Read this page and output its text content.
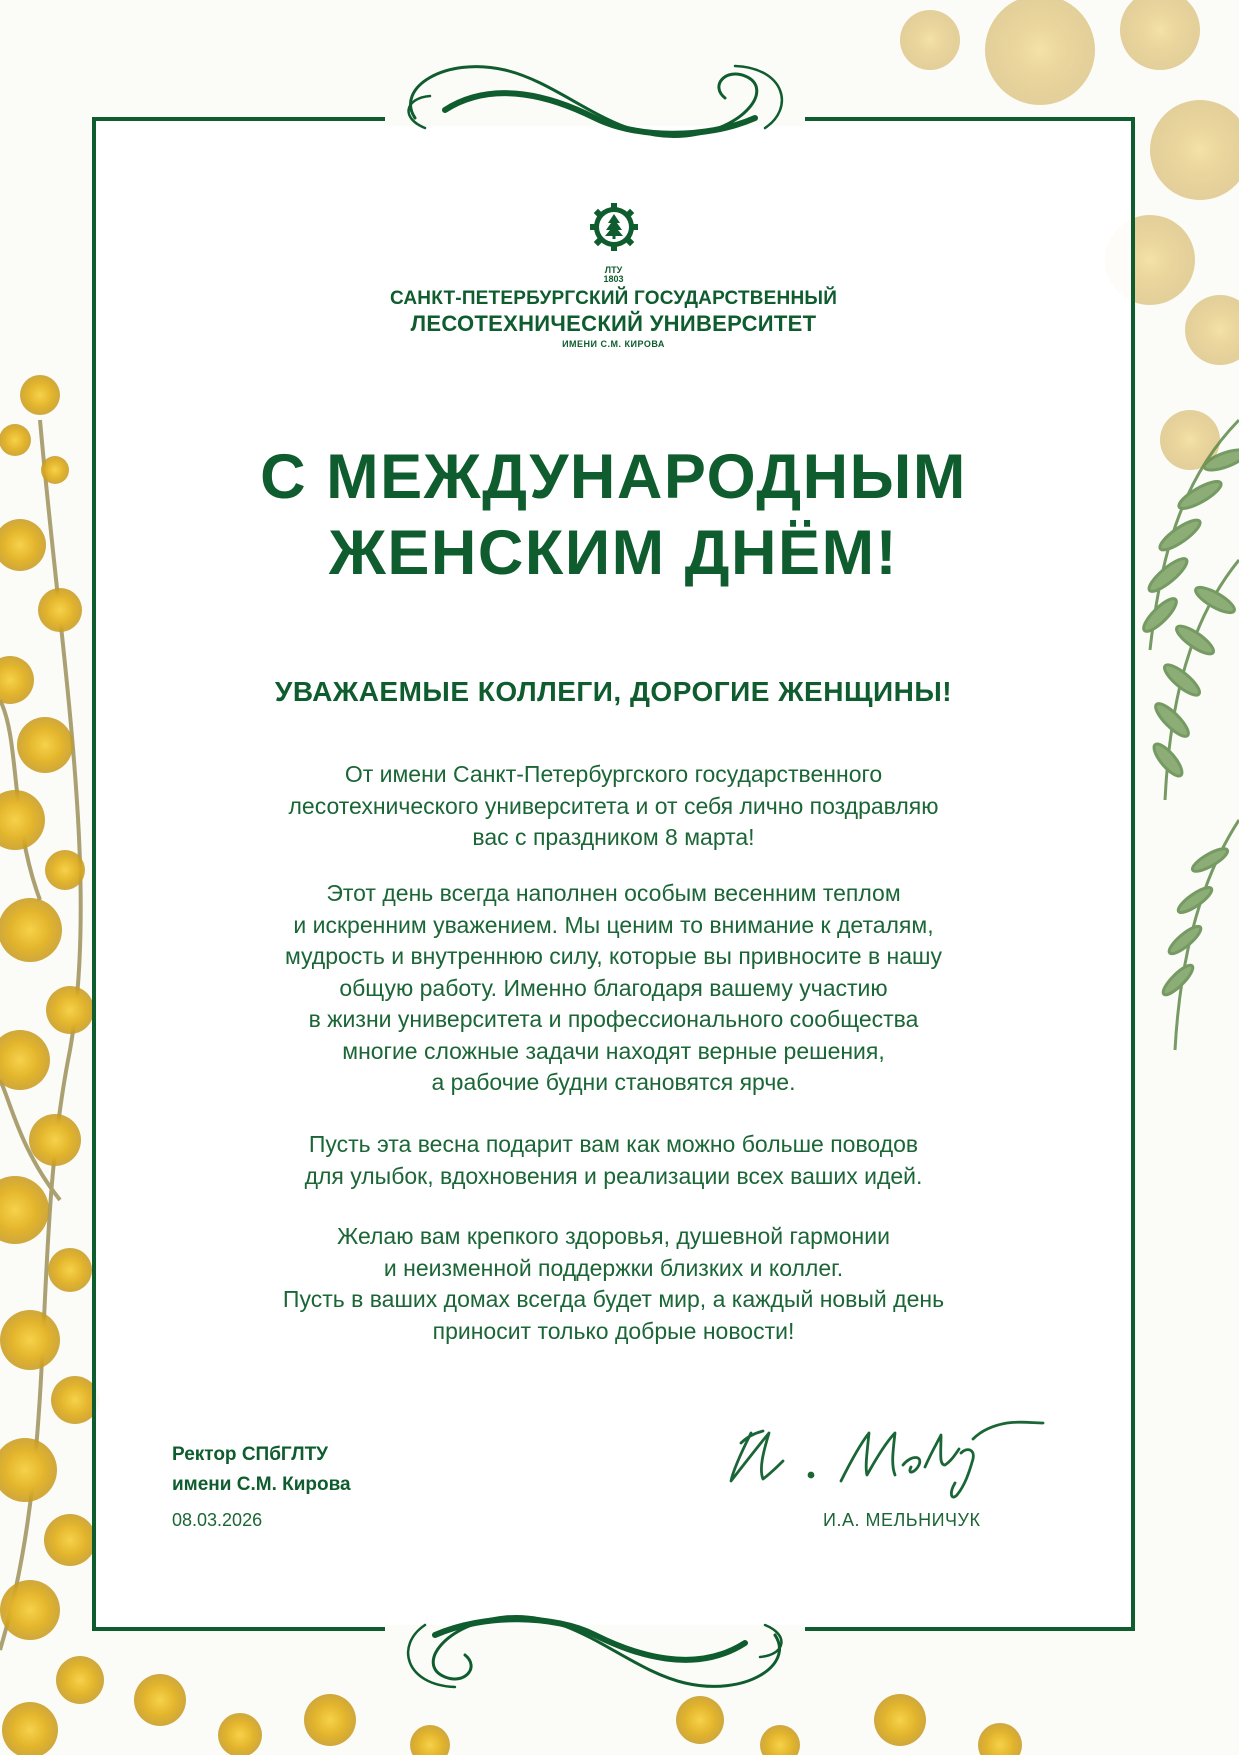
ЛТУ
1803
САНКТ-ПЕТЕРБУРГСКИЙ ГОСУДАРСТВЕННЫЙ
ЛЕСОТЕХНИЧЕСКИЙ УНИВЕРСИТЕТ
ИМЕНИ С.М. КИРОВА
С МЕЖДУНАРОДНЫМ
ЖЕНСКИМ ДНЁМ!
УВАЖАЕМЫЕ КОЛЛЕГИ, ДОРОГИЕ ЖЕНЩИНЫ!
От имени Санкт-Петербургского государственного
лесотехнического университета и от себя лично поздравляю
вас с праздником 8 марта!
Этот день всегда наполнен особым весенним теплом
и искренним уважением. Мы ценим то внимание к деталям,
мудрость и внутреннюю силу, которые вы привносите в нашу
общую работу. Именно благодаря вашему участию
в жизни университета и профессионального сообщества
многие сложные задачи находят верные решения,
а рабочие будни становятся ярче.
Пусть эта весна подарит вам как можно больше поводов
для улыбок, вдохновения и реализации всех ваших идей.
Желаю вам крепкого здоровья, душевной гармонии
и неизменной поддержки близких и коллег.
Пусть в ваших домах всегда будет мир, а каждый новый день
приносит только добрые новости!
Ректор СПбГЛТУ
имени С.М. Кирова
08.03.2026	И.А. МЕЛЬНИЧУК
